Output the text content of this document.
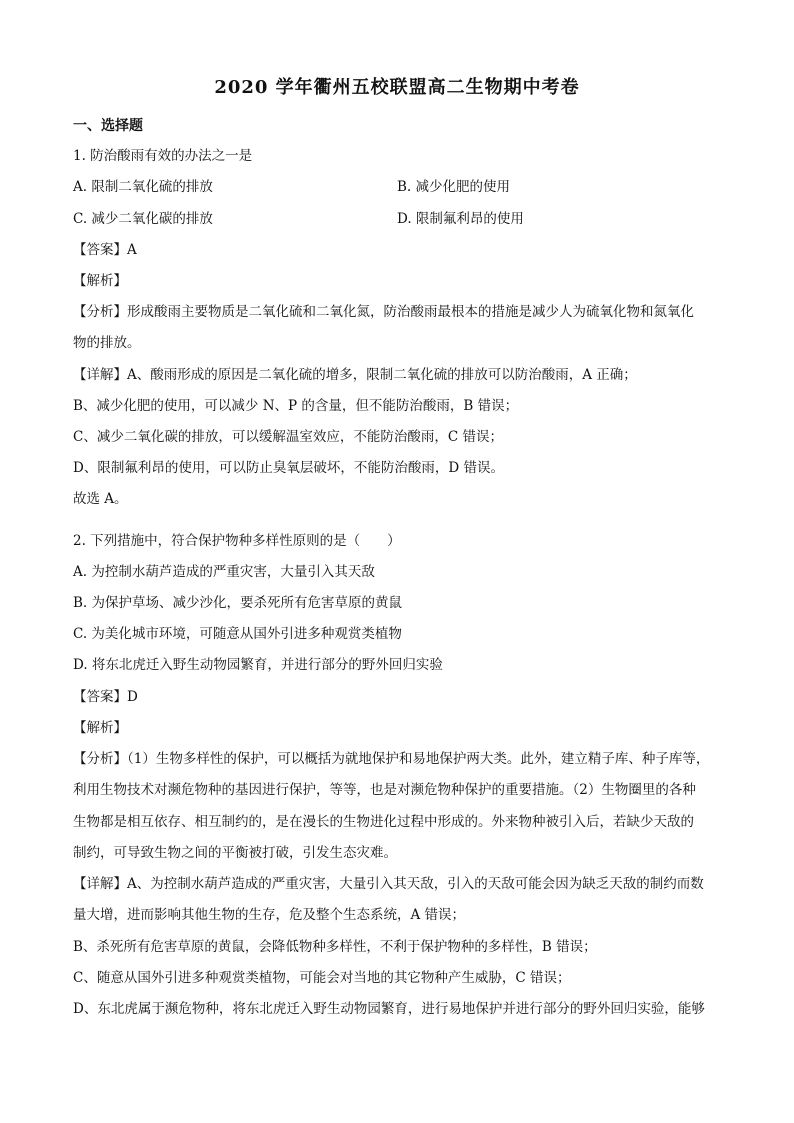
2020 学年衢州五校联盟高二生物期中考卷
一、选择题
1. 防治酸雨有效的办法之一是
A. 限制二氧化硫的排放	B. 减少化肥的使用
C. 减少二氧化碳的排放	D. 限制氟利昂的使用
【答案】A
【解析】
【分析】形成酸雨主要物质是二氧化硫和二氧化氮，防治酸雨最根本的措施是减少人为硫氧化物和氮氧化
物的排放。
【详解】A、酸雨形成的原因是二氧化硫的增多，限制二氧化硫的排放可以防治酸雨，A 正确；
B、减少化肥的使用，可以减少 N、P 的含量，但不能防治酸雨，B 错误；
C、减少二氧化碳的排放，可以缓解温室效应，不能防治酸雨，C 错误；
D、限制氟利昂的使用，可以防止臭氧层破坏，不能防治酸雨，D 错误。
故选 A。
2. 下列措施中，符合保护物种多样性原则的是（　　）
A. 为控制水葫芦造成的严重灾害，大量引入其天敌
B. 为保护草场、减少沙化，要杀死所有危害草原的黄鼠
C. 为美化城市环境，可随意从国外引进多种观赏类植物
D. 将东北虎迁入野生动物园繁育，并进行部分的野外回归实验
【答案】D
【解析】
【分析】（1）生物多样性的保护，可以概括为就地保护和易地保护两大类。此外，建立精子库、种子库等，
利用生物技术对濒危物种的基因进行保护，等等，也是对濒危物种保护的重要措施。（2）生物圈里的各种
生物都是相互依存、相互制约的，是在漫长的生物进化过程中形成的。外来物种被引入后，若缺少天敌的
制约，可导致生物之间的平衡被打破，引发生态灾难。
【详解】A、为控制水葫芦造成的严重灾害，大量引入其天敌，引入的天敌可能会因为缺乏天敌的制约而数
量大增，进而影响其他生物的生存，危及整个生态系统，A 错误；
B、杀死所有危害草原的黄鼠，会降低物种多样性，不利于保护物种的多样性，B 错误；
C、随意从国外引进多种观赏类植物，可能会对当地的其它物种产生威胁，C 错误；
D、东北虎属于濒危物种，将东北虎迁入野生动物园繁育，进行易地保护并进行部分的野外回归实验，能够
